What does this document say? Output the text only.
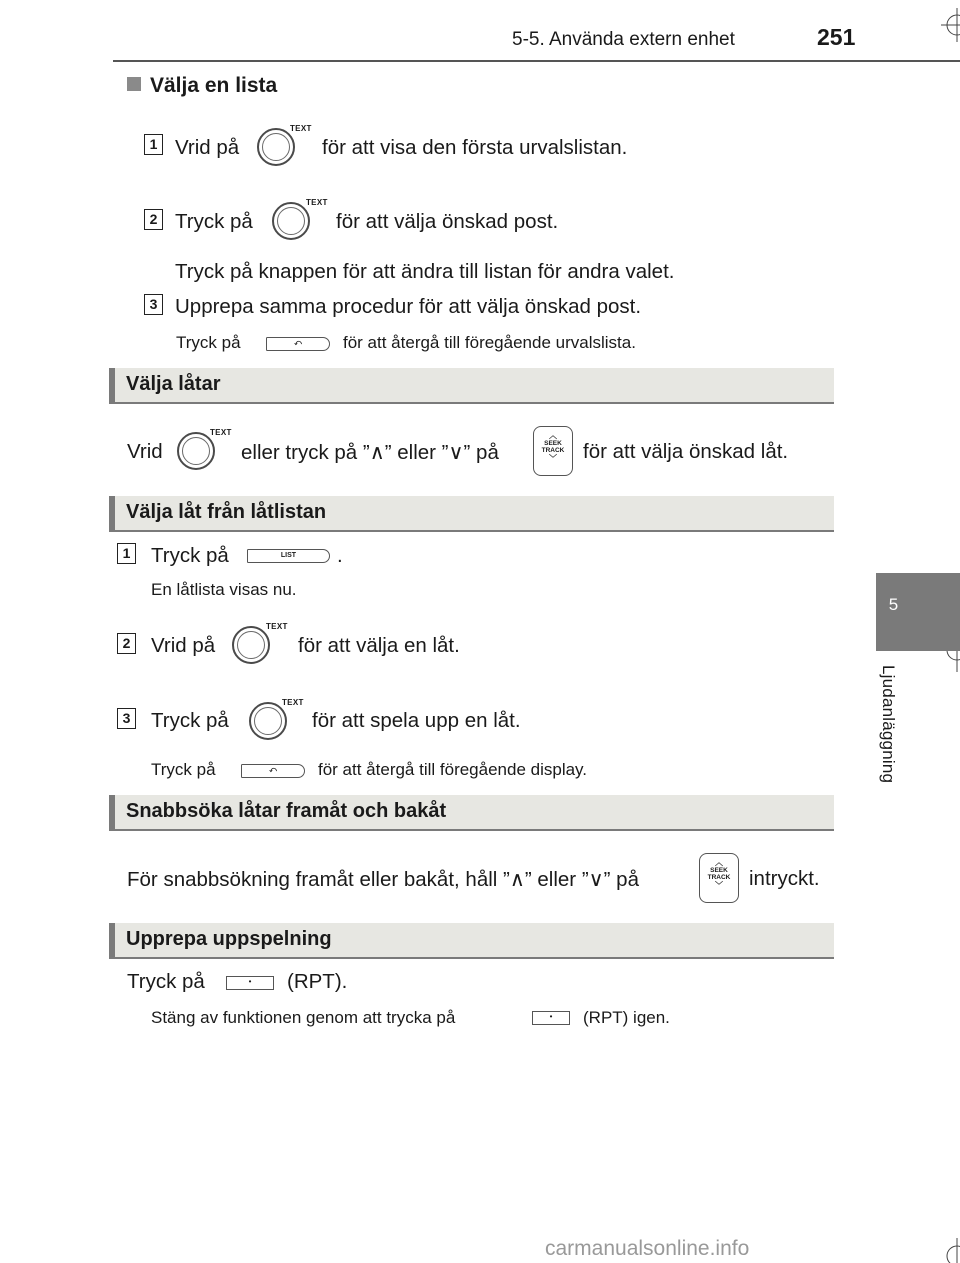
5-5. Använda extern enhet	251
5
Ljudanläggning
Välja en lista
1 Vrid på
TEXT
för att visa den första urvalslistan.
2 Tryck på
TEXT
för att välja önskad post.
Tryck på knappen för att ändra till listan för andra valet.
3 Upprepa samma procedur för att välja önskad post.
Tryck på	⤺	för att återgå till föregående urvalslista.
Välja låtar
Vrid
TEXT
eller tryck på ”∧” eller ”∨” på
︿
SEEK
TRACK
﹀	för att välja önskad låt.
Välja låt från låtlistan
1 Tryck på	LIST	.
En låtlista visas nu.
2 Vrid på
TEXT
för att välja en låt.
3 Tryck på
TEXT
för att spela upp en låt.
Tryck på	⤺	för att återgå till föregående display.
Snabbsöka låtar framåt och bakåt
För snabbsökning framåt eller bakåt, håll ”∧” eller ”∨” på
︿
SEEK
TRACK
﹀	intryckt.
Upprepa uppspelning
Tryck på	•	(RPT).
Stäng av funktionen genom att trycka på	•	(RPT) igen.
carmanualsonline.info
